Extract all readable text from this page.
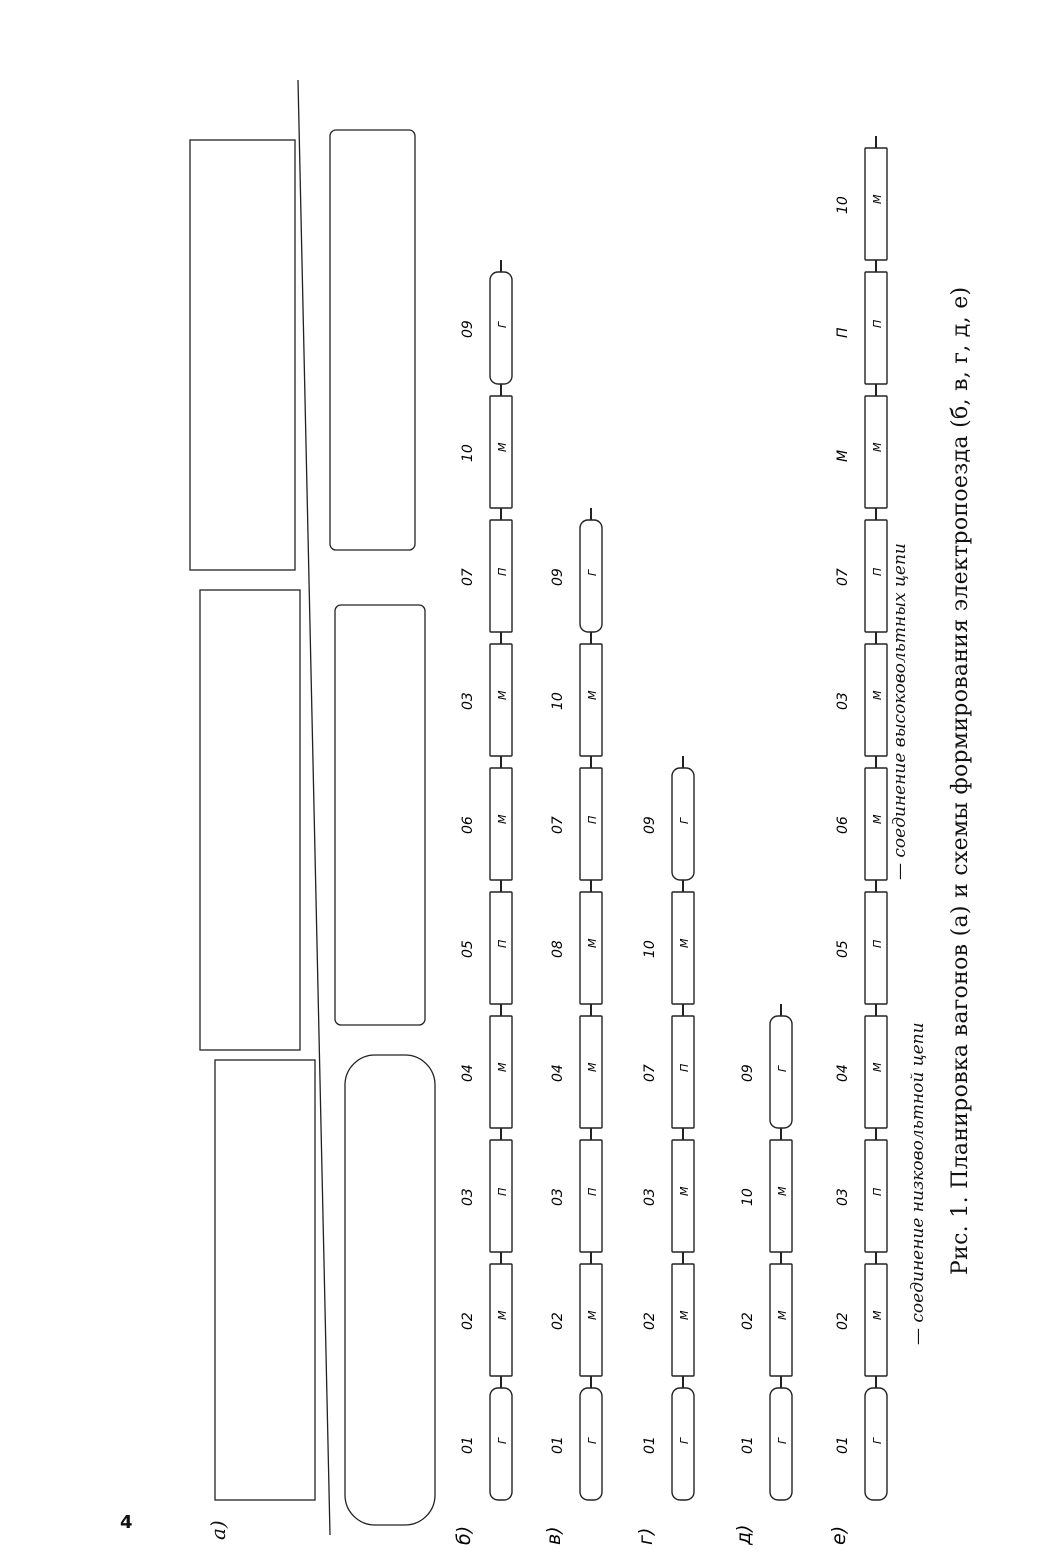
б)
Г
01
М
02
П
03
М
04
П
05
М
06
М
03
П
07
М
10
Г
09
в)
Г
01
М
02
П
03
М
04
М
08
П
07
М
10
Г
09
г)
Г
01
М
02
М
03
П
07
М
10
Г
09
д)
Г
01
М
02
М
10
Г
09
е)
Г
01
М
02
П
03
М
04
П
05
М
06
М
03
П
07
М
М
П
П
М
10
а)
Рис. 1. Планировка вагонов (а) и схемы формирования электропоезда (б, в, г, д, е)
— соединение низковольтной цепи
— соединение высоковольтных цепи
4
